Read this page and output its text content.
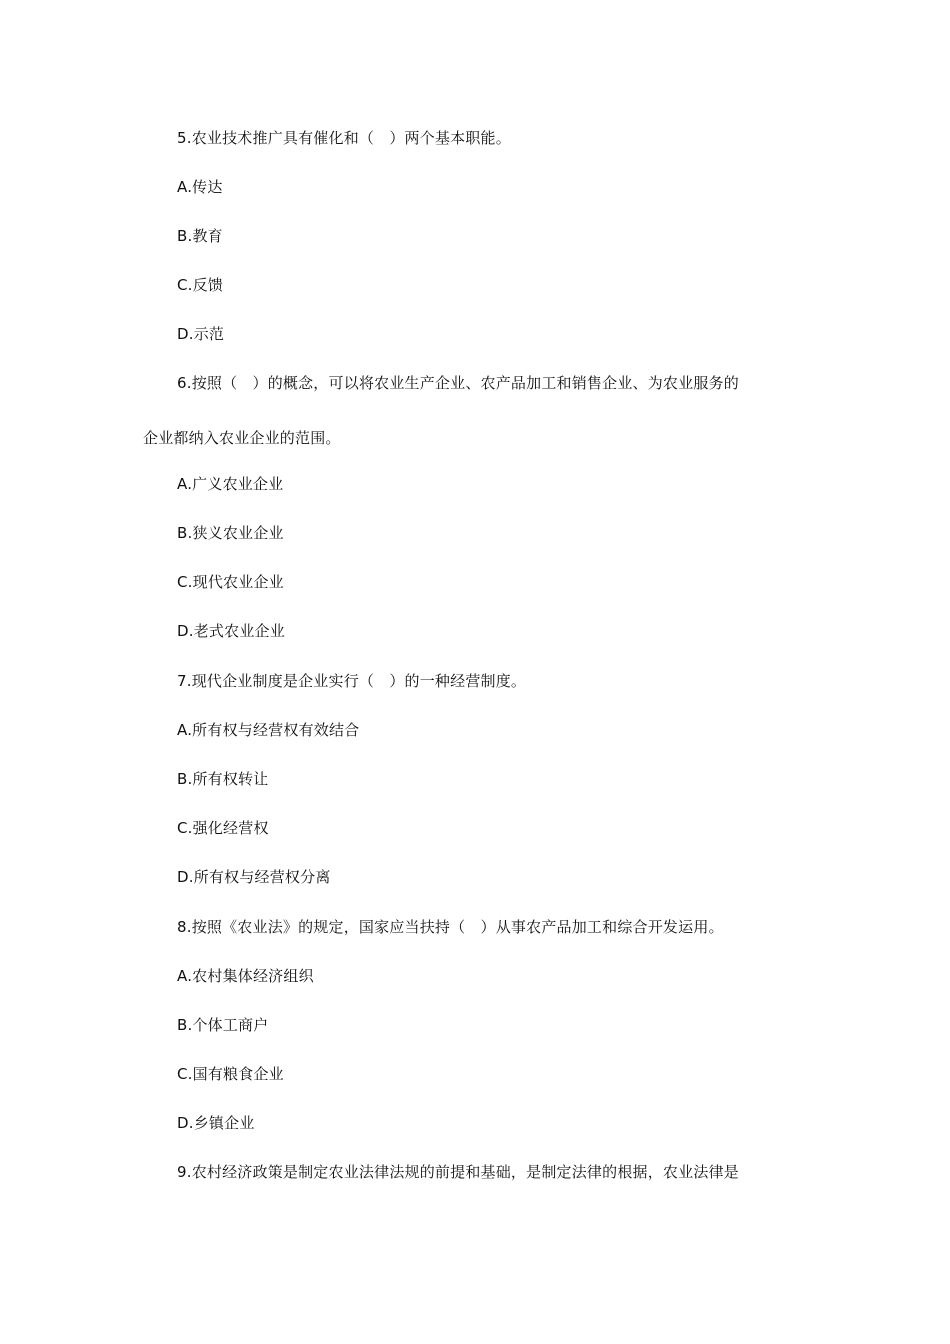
5.农业技术推广具有催化和（　）两个基本职能。
A.传达
B.教育
C.反馈
D.示范
6.按照（　）的概念，可以将农业生产企业、农产品加工和销售企业、为农业服务的
企业都纳入农业企业的范围。
A.广义农业企业
B.狭义农业企业
C.现代农业企业
D.老式农业企业
7.现代企业制度是企业实行（　）的一种经营制度。
A.所有权与经营权有效结合
B.所有权转让
C.强化经营权
D.所有权与经营权分离
8.按照《农业法》的规定，国家应当扶持（　）从事农产品加工和综合开发运用。
A.农村集体经济组织
B.个体工商户
C.国有粮食企业
D.乡镇企业
9.农村经济政策是制定农业法律法规的前提和基础，是制定法律的根据，农业法律是
